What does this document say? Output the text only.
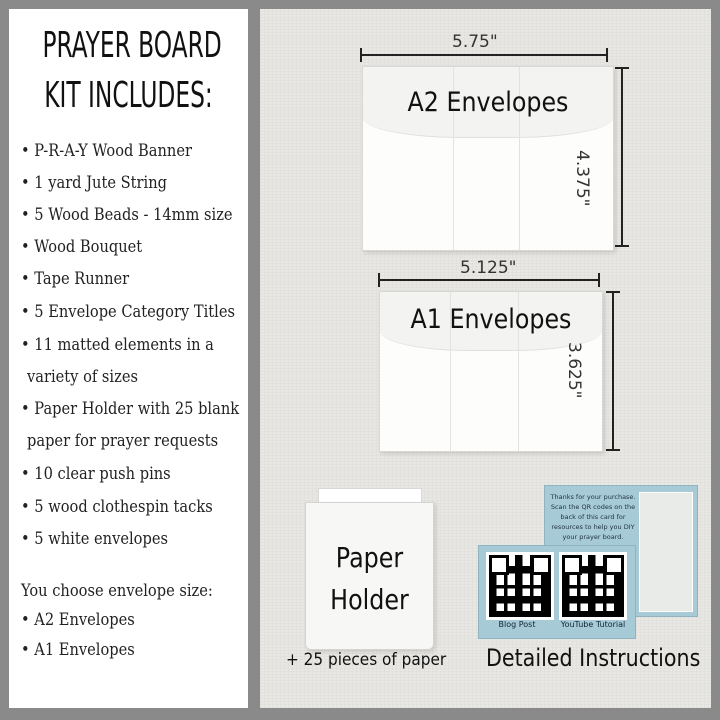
PRAYER BOARD
KIT INCLUDES:
• P-R-A-Y Wood Banner
• 1 yard Jute String
• 5 Wood Beads - 14mm size
• Wood Bouquet
• Tape Runner
• 5 Envelope Category Titles
• 11 matted elements in a
variety of sizes
• Paper Holder with 25 blank
paper for prayer requests
• 10 clear push pins
• 5 wood clothespin tacks
• 5 white envelopes
You choose envelope size:
• A2 Envelopes
• A1 Envelopes
5.75"
A2 Envelopes
4.375"
5.125"
A1 Envelopes
3.625"
Paper
Holder
+ 25 pieces of paper
Thanks for your purchase. Scan the QR codes on the back of this card for resources to help you DIY your prayer board.
Blog Post	YouTube Tutorial
Detailed Instructions
